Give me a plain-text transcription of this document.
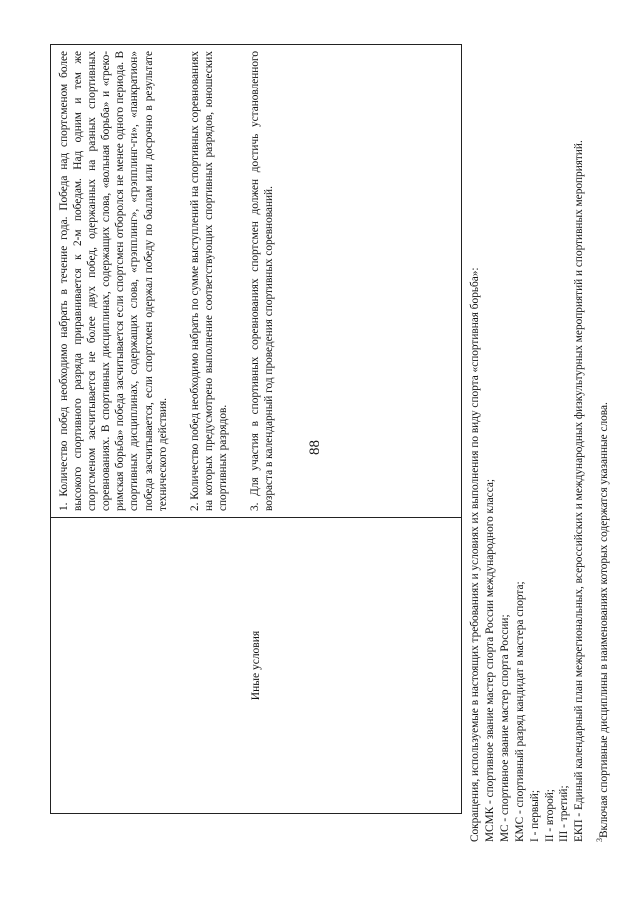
88
Иные условия

1. Количество побед необходимо набрать в течение года. Победа над спортсменом более высокого спортивного разряда приравнивается к 2-м победам. Над одним и тем же спортсменом засчитывается не более двух побед, одержанных на разных спортивных соревнованиях. В спортивных дисциплинах, содержащих слова, «вольная борьба» и «греко-римская борьба» победа засчитывается если спортсмен отборолся не менее одного периода. В спортивных дисциплинах, содержащих слова, «грэпплинг», «грэпплинг-ги», «панкратион» победа засчитывается, если спортсмен одержал победу по баллам или досрочно в результате технического действия. 2. Количество побед необходимо набрать по сумме выступлений на спортивных соревнованиях на которых предусмотрено выполнение соответствующих спортивных разрядов, юношеских спортивных разрядов. 3. Для участия в спортивных соревнованиях спортсмен должен достичь установленного возраста в календарный год проведения спортивных соревнований.	Сокращения, используемые в настоящих требованиях и условиях их выполнения по виду спорта «спортивная борьба»: МСМК - спортивное звание мастер спорта России международного класса; МС - спортивное звание мастер спорта России; КМС - спортивный разряд кандидат в мастера спорта; I - первый; II - второй; III - третий; ЕКП - Единый календарный план межрегиональных, всероссийских и международных физкультурных мероприятий и спортивных мероприятий. $^3$Включая спортивные дисциплины в наименованиях которых содержатся указанные слова.
